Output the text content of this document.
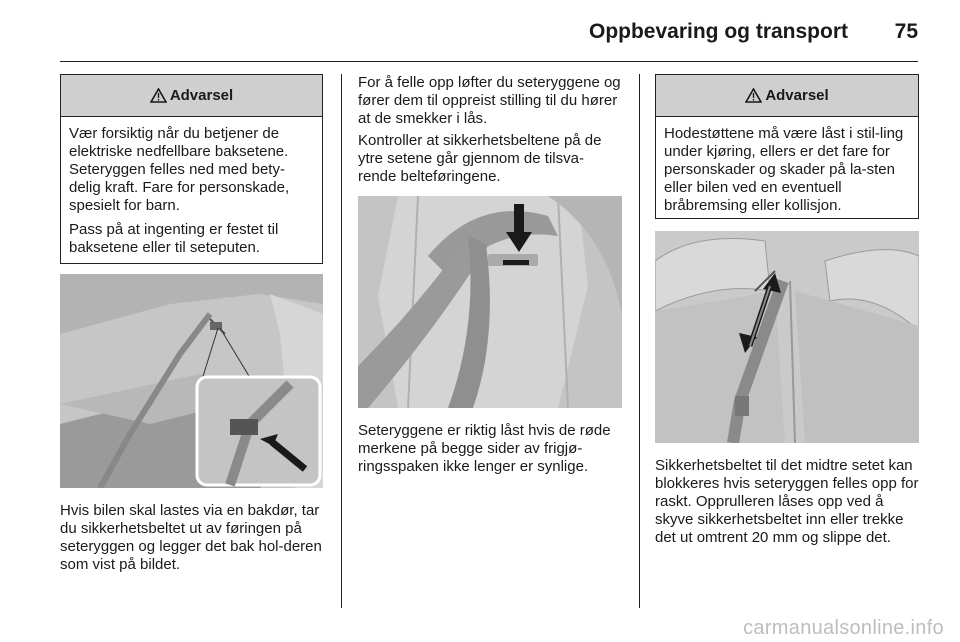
Oppbevaring og transport 75
Advarsel

Vær forsiktig når du betjener de elektriske nedfellbare baksetene. Seteryggen felles ned med bety-delig kraft. Fare for personskade, spesielt for barn.

Pass på at ingenting er festet til baksetene eller til seteputen.

Hvis bilen skal lastes via en bakdør, tar du sikkerhetsbeltet ut av føringen på seteryggen og legger det bak hol-deren som vist på bildet.

For å felle opp løfter du seteryggene og fører dem til oppreist stilling til du hører at de smekker i lås.

Kontroller at sikkerhetsbeltene på de ytre setene går gjennom de tilsva-rende belteføringene.

Seteryggene er riktig låst hvis de røde merkene på begge sider av frigjø-ringsspaken ikke lenger er synlige.

Advarsel

Hodestøttene må være låst i stil-ling under kjøring, ellers er det fare for personskader og skader på la-sten eller bilen ved en eventuell bråbremsing eller kollisjon.

Sikkerhetsbeltet til det midtre setet kan blokkeres hvis seteryggen felles opp for raskt. Opprulleren låses opp ved å skyve sikkerhetsbeltet inn eller trekke det ut omtrent 20 mm og slippe det.

carmanualsonline.info
